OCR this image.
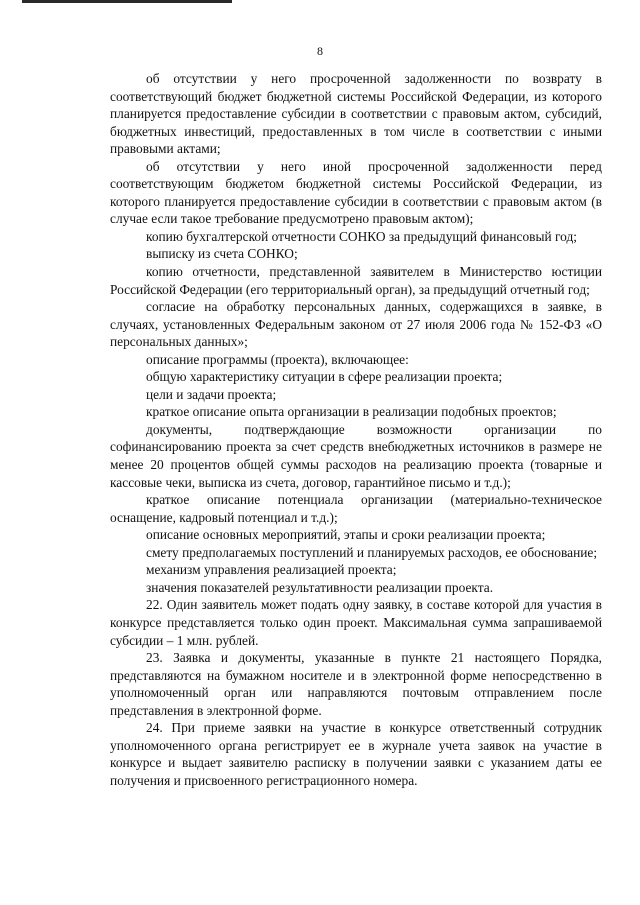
8

об отсутствии у него просроченной задолженности по возврату в соответствующий бюджет бюджетной системы Российской Федерации, из которого планируется предоставление субсидии в соответствии с правовым актом, субсидий, бюджетных инвестиций, предоставленных в том числе в соответствии с иными правовыми актами;

об отсутствии у него иной просроченной задолженности перед соответствующим бюджетом бюджетной системы Российской Федерации, из которого планируется предоставление субсидии в соответствии с правовым актом (в случае если такое требование предусмотрено правовым актом);

копию бухгалтерской отчетности СОНКО за предыдущий финансовый год;

выписку из счета СОНКО;

копию отчетности, представленной заявителем в Министерство юстиции Российской Федерации (его территориальный орган), за предыдущий отчетный год;

согласие на обработку персональных данных, содержащихся в заявке, в случаях, установленных Федеральным законом от 27 июля 2006 года № 152-ФЗ «О персональных данных»;

описание программы (проекта), включающее:

общую характеристику ситуации в сфере реализации проекта;

цели и задачи проекта;

краткое описание опыта организации в реализации подобных проектов;

документы, подтверждающие возможности организации по софинансированию проекта за счет средств внебюджетных источников в размере не менее 20 процентов общей суммы расходов на реализацию проекта (товарные и кассовые чеки, выписка из счета, договор, гарантийное письмо и т.д.);

краткое описание потенциала организации (материально-техническое оснащение, кадровый потенциал и т.д.);

описание основных мероприятий, этапы и сроки реализации проекта;

смету предполагаемых поступлений и планируемых расходов, ее обоснование;

механизм управления реализацией проекта;

значения показателей результативности реализации проекта.

22. Один заявитель может подать одну заявку, в составе которой для участия в конкурсе представляется только один проект. Максимальная сумма запрашиваемой субсидии – 1 млн. рублей.

23. Заявка и документы, указанные в пункте 21 настоящего Порядка, представляются на бумажном носителе и в электронной форме непосредственно в уполномоченный орган или направляются почтовым отправлением после представления в электронной форме.

24. При приеме заявки на участие в конкурсе ответственный сотрудник уполномоченного органа регистрирует ее в журнале учета заявок на участие в конкурсе и выдает заявителю расписку в получении заявки с указанием даты ее получения и присвоенного регистрационного номера.
